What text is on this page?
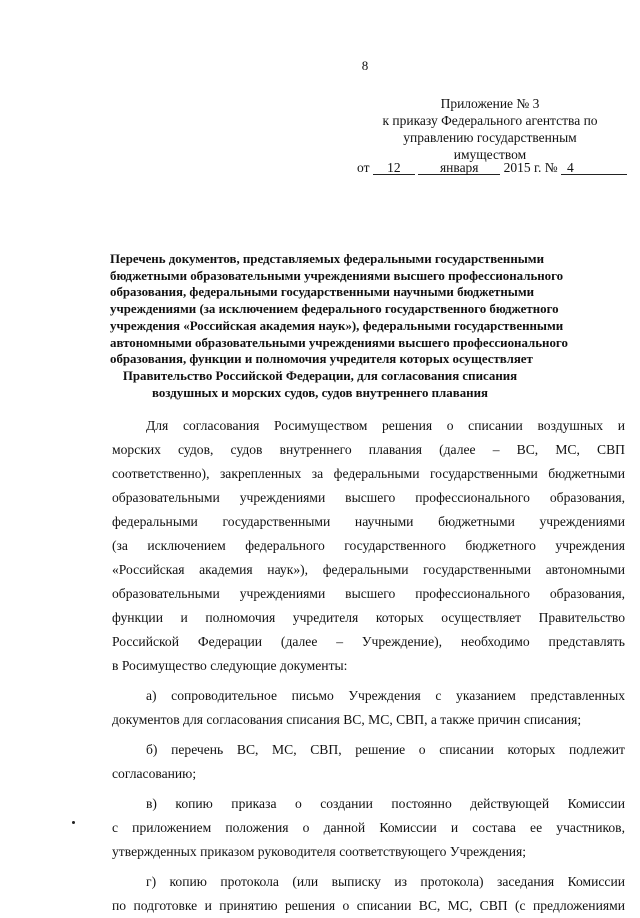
8
Приложение № 3
к приказу Федерального агентства по
управлению государственным
имуществом
от 12	января 2015 г. № 4
Перечень документов, представляемых федеральными государственными
бюджетными образовательными учреждениями высшего профессионального
образования, федеральными государственными научными бюджетными
учреждениями (за исключением федерального государственного бюджетного
учреждения «Российская академия наук»), федеральными государственными
автономными образовательными учреждениями высшего профессионального
образования, функции и полномочия учредителя которых осуществляет
Правительство Российской Федерации, для согласования списания
воздушных и морских судов, судов внутреннего плавания
Для согласования Росимуществом решения о списании воздушных и
морских судов, судов внутреннего плавания (далее – ВС, МС, СВП
соответственно), закрепленных за федеральными государственными бюджетными
образовательными учреждениями высшего профессионального образования,
федеральными государственными научными бюджетными учреждениями
(за исключением федерального государственного бюджетного учреждения
«Российская академия наук»), федеральными государственными автономными
образовательными учреждениями высшего профессионального образования,
функции и полномочия учредителя которых осуществляет Правительство
Российской Федерации (далее – Учреждение), необходимо представлять
в Росимущество следующие документы:
а) сопроводительное письмо Учреждения с указанием представленных
документов для согласования списания ВС, МС, СВП, а также причин списания;
б) перечень ВС, МС, СВП, решение о списании которых подлежит
согласованию;
в) копию приказа о создании постоянно действующей Комиссии
с приложением положения о данной Комиссии и состава ее участников,
утвержденных приказом руководителя соответствующего Учреждения;
г) копию протокола (или выписку из протокола) заседания Комиссии
по подготовке и принятию решения о списании ВС, МС, СВП (с предложениями
